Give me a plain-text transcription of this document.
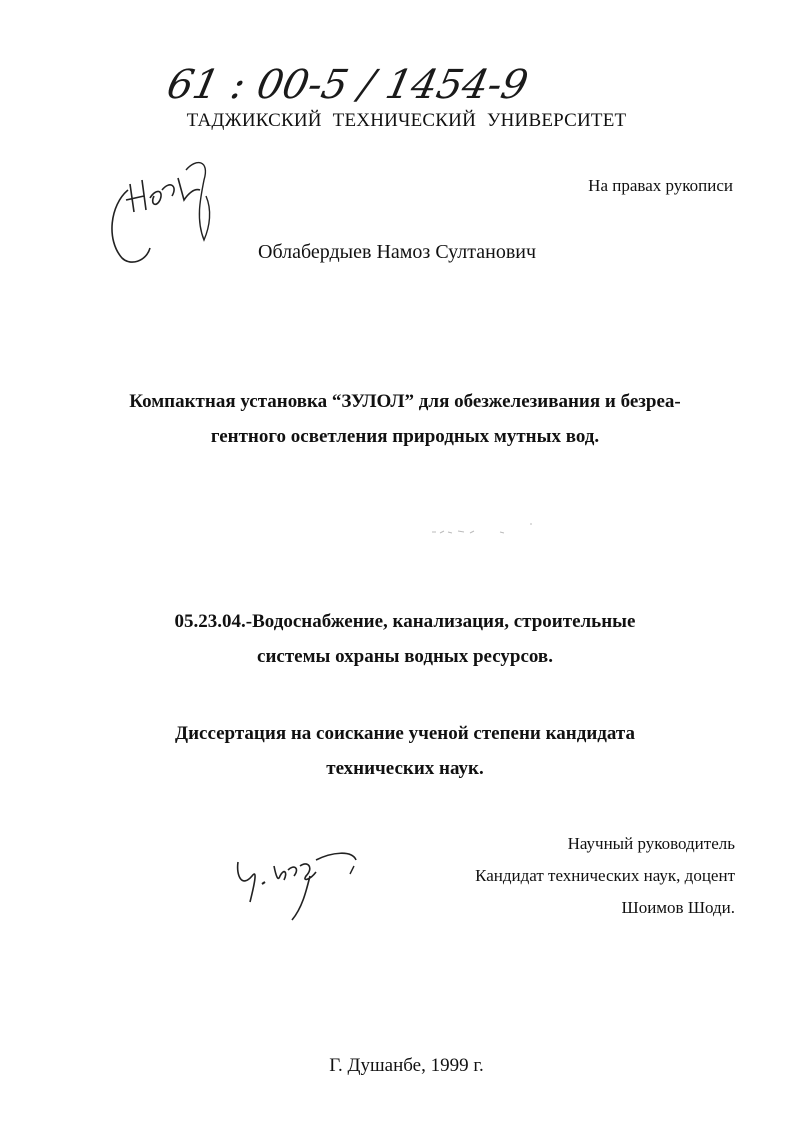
61 : 00-5 / 1454-9
ТАДЖИКСКИЙ ТЕХНИЧЕСКИЙ УНИВЕРСИТЕТ
На правах рукописи
Облабердыев Намоз Султанович
Компактная установка “ЗУЛОЛ” для обезжелезивания и безреа-
гентного осветления природных мутных вод.
05.23.04.-Водоснабжение, канализация, строительные
системы охраны водных ресурсов.
Диссертация на соискание ученой степени кандидата
технических наук.
Научный руководитель
Кандидат технических наук, доцент
Шоимов Шоди.
Г. Душанбе, 1999 г.
